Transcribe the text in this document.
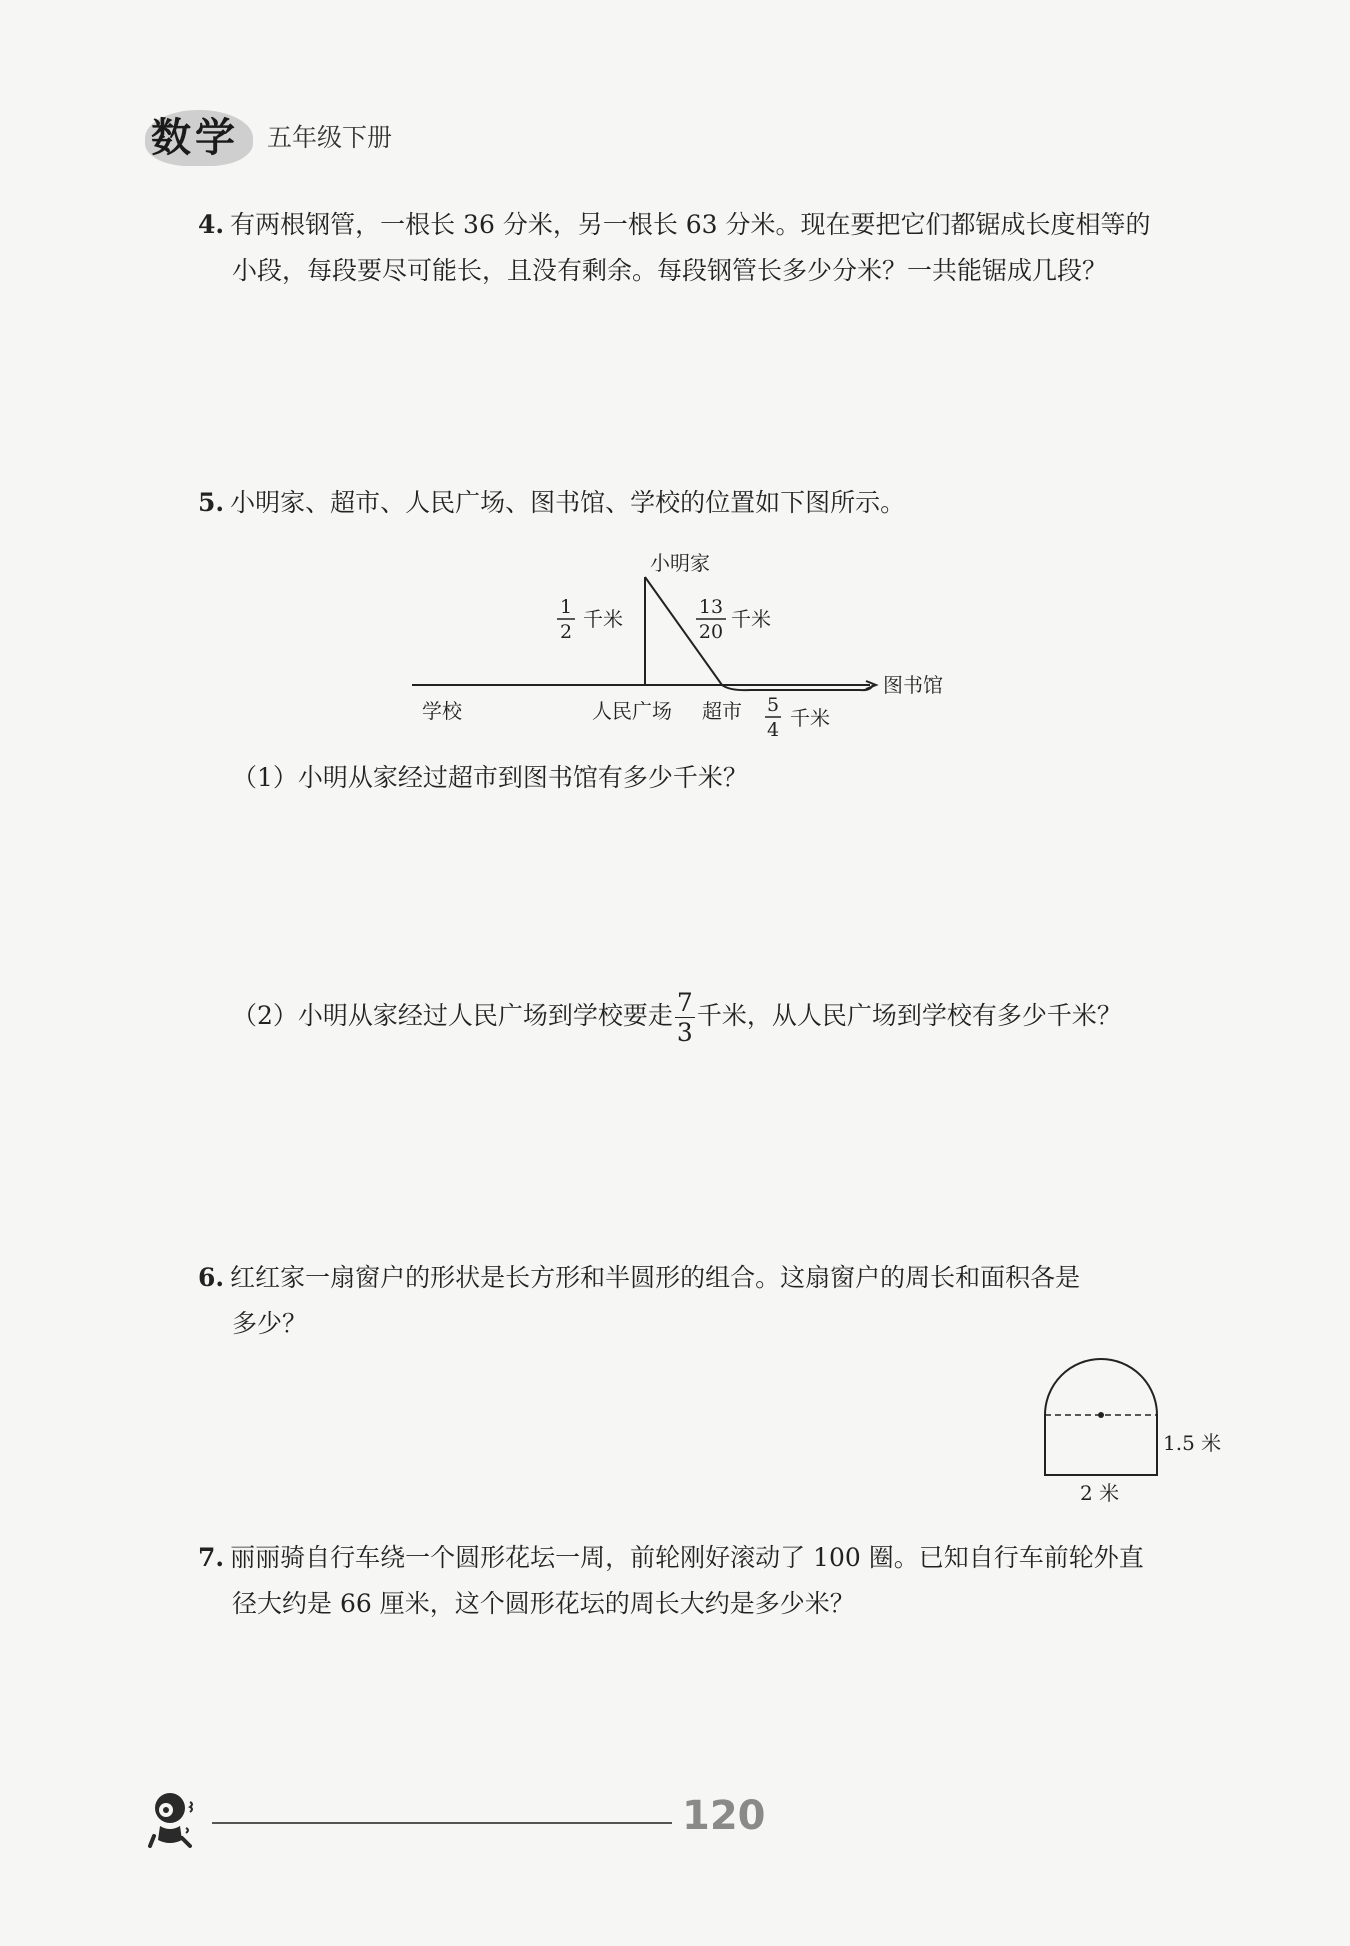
数学 五年级下册
4. 有两根钢管，一根长 36 分米，另一根长 63 分米。现在要把它们都锯成长度相等的
小段，每段要尽可能长，且没有剩余。每段钢管长多少分米？一共能锯成几段？
5. 小明家、超市、人民广场、图书馆、学校的位置如下图所示。
小明家
学校	人民广场 超市
图书馆
1
2
千米	13
20
千米
5
4 千米
（1）小明从家经过超市到图书馆有多少千米？
（2）小明从家经过人民广场到学校要走 $\frac{7}{3}$ 千米，从人民广场到学校有多少千米？
6. 红红家一扇窗户的形状是长方形和半圆形的组合。这扇窗户的周长和面积各是
多少？
1.5 米
2 米
7. 丽丽骑自行车绕一个圆形花坛一周，前轮刚好滚动了 100 圈。已知自行车前轮外直
径大约是 66 厘米，这个圆形花坛的周长大约是多少米？
120
